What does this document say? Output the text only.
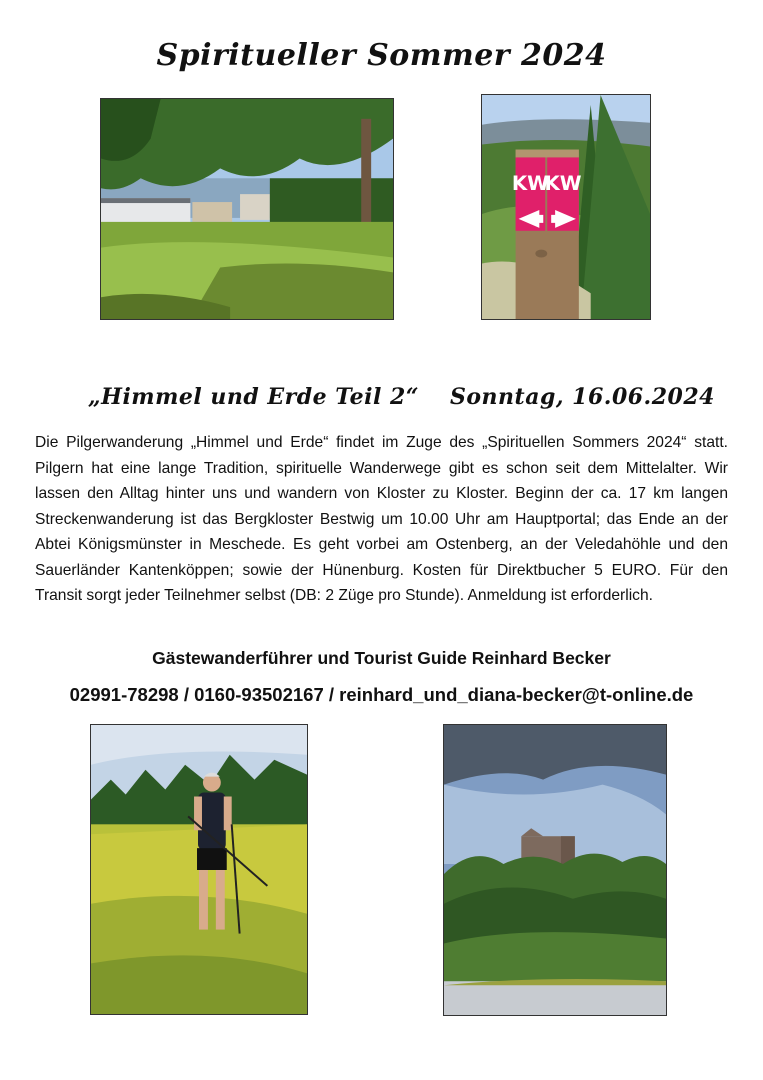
Spiritueller Sommer 2024
KW
KW
„Himmel und Erde Teil 2“ Sonntag, 16.06.2024

Die Pilgerwanderung „Himmel und Erde“ findet im Zuge des „Spirituellen Sommers 2024“ statt. Pilgern hat eine lange Tradition, spirituelle Wanderwege gibt es schon seit dem Mittelalter. Wir lassen den Alltag hinter uns und wandern von Kloster zu Kloster. Beginn der ca. 17 km langen Streckenwanderung ist das Bergkloster Bestwig um 10.00 Uhr am Hauptportal; das Ende an der Abtei Königsmünster in Meschede. Es geht vorbei am Ostenberg, an der Veledahöhle und den Sauerländer Kantenköppen; sowie der Hünenburg. Kosten für Direktbucher 5 EURO. Für den Transit sorgt jeder Teilnehmer selbst (DB: 2 Züge pro Stunde). Anmeldung ist erforderlich.

Gästewanderführer und Tourist Guide Reinhard Becker
02991-78298 / 0160-93502167 / reinhard_und_diana-becker@t-online.de
